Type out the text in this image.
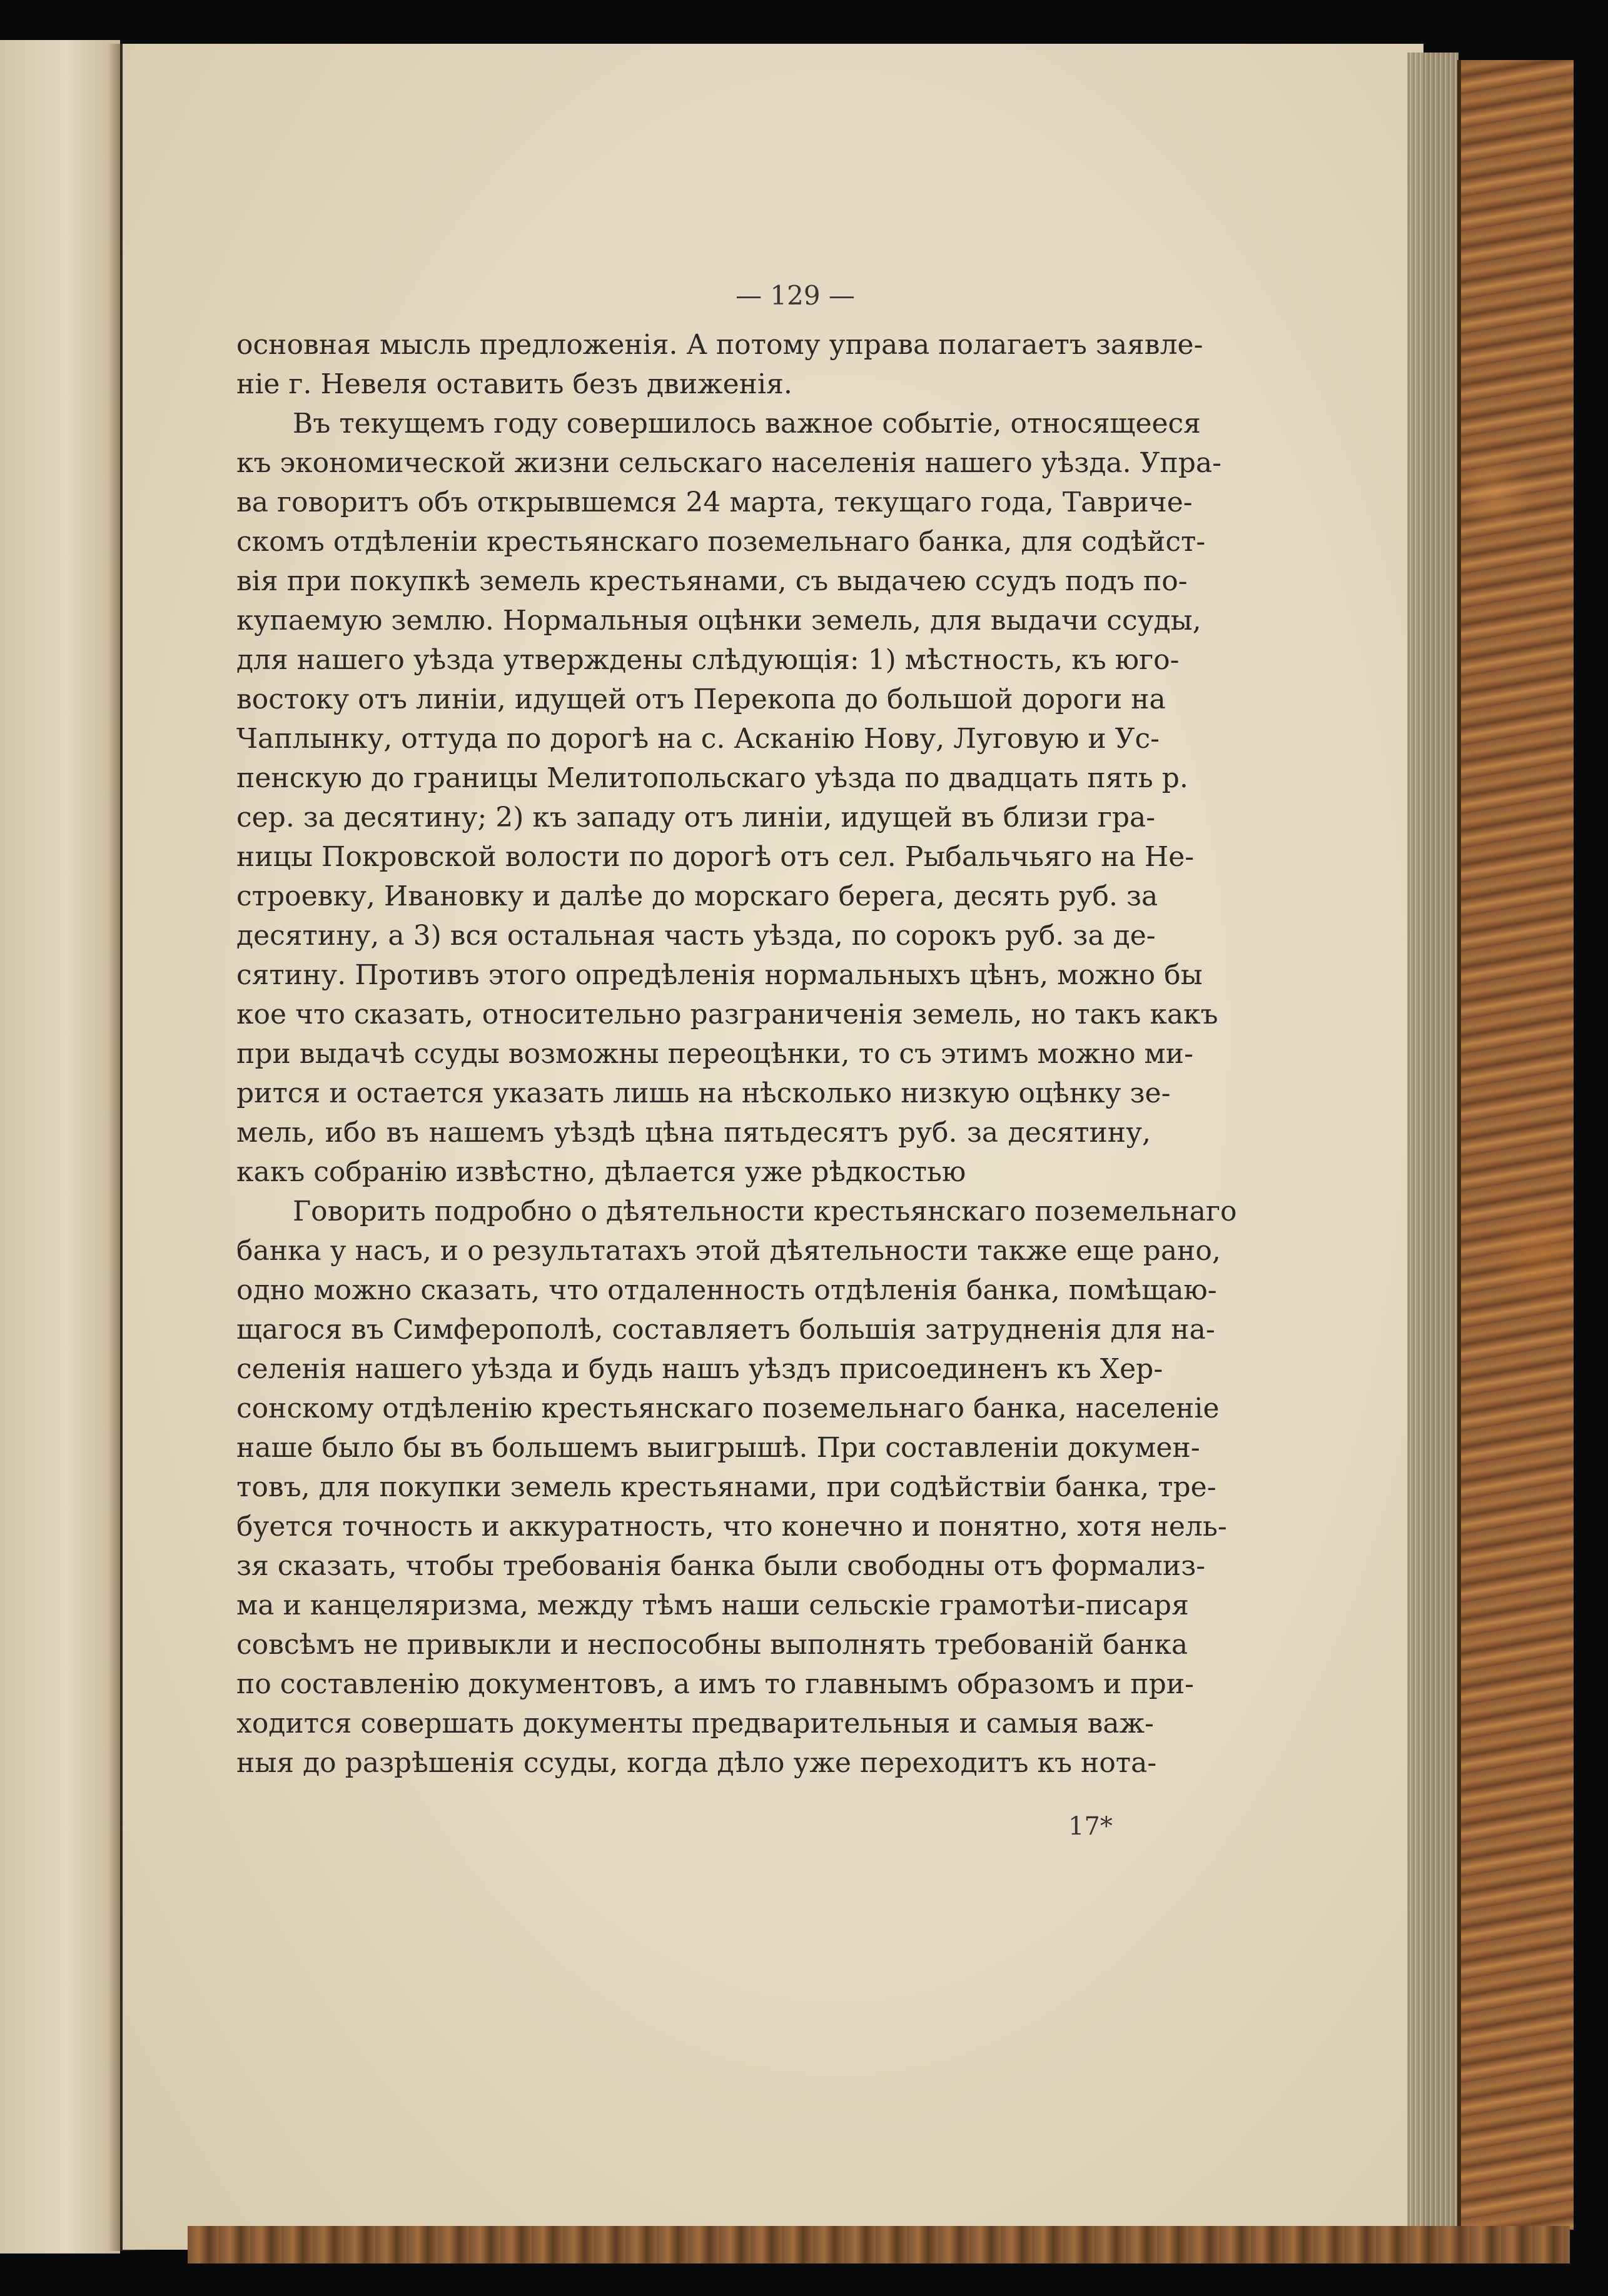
— 129 —
основная мысль предложенія. А потому управа полагаетъ заявле-
ніе г. Невеля оставить безъ движенія.
Въ текущемъ году совершилось важное событіе, относящееся
къ экономической жизни сельскаго населенія нашего уѣзда. Упра-
ва говоритъ объ открывшемся 24 марта, текущаго года, Тавриче-
скомъ отдѣленіи крестьянскаго поземельнаго банка, для содѣйст-
вія при покупкѣ земель крестьянами, съ выдачею ссудъ подъ по-
купаемую землю. Нормальныя оцѣнки земель, для выдачи ссуды,
для нашего уѣзда утверждены слѣдующія: 1) мѣстность, къ юго-
востоку отъ линіи, идущей отъ Перекопа до большой дороги на
Чаплынку, оттуда по дорогѣ на с. Асканію Нову, Луговую и Ус-
пенскую до границы Мелитопольскаго уѣзда по двадцать пять р.
сер. за десятину; 2) къ западу отъ линіи, идущей въ близи гра-
ницы Покровской волости по дорогѣ отъ сел. Рыбальчьяго на Не-
строевку, Ивановку и далѣе до морскаго берега, десять руб. за
десятину, а 3) вся остальная часть уѣзда, по сорокъ руб. за де-
сятину. Противъ этого опредѣленія нормальныхъ цѣнъ, можно бы
кое что сказать, относительно разграниченія земель, но такъ какъ
при выдачѣ ссуды возможны переоцѣнки, то съ этимъ можно ми-
рится и остается указать лишь на нѣсколько низкую оцѣнку зе-
мель, ибо въ нашемъ уѣздѣ цѣна пятьдесятъ руб. за десятину,
какъ собранію извѣстно, дѣлается уже рѣдкостью
Говорить подробно о дѣятельности крестьянскаго поземельнаго
банка у насъ, и о результатахъ этой дѣятельности также еще рано,
одно можно сказать, что отдаленность отдѣленія банка, помѣщаю-
щагося въ Симферополѣ, составляетъ большія затрудненія для на-
селенія нашего уѣзда и будь нашъ уѣздъ присоединенъ къ Хер-
сонскому отдѣленію крестьянскаго поземельнаго банка, населеніе
наше было бы въ большемъ выигрышѣ. При составленіи докумен-
товъ, для покупки земель крестьянами, при содѣйствіи банка, тре-
буется точность и аккуратность, что конечно и понятно, хотя нель-
зя сказать, чтобы требованія банка были свободны отъ формализ-
ма и канцеляризма, между тѣмъ наши сельскіе грамотѣи-писаря
совсѣмъ не привыкли и неспособны выполнять требованій банка
по составленію документовъ, а имъ то главнымъ образомъ и при-
ходится совершать документы предварительныя и самыя важ-
ныя до разрѣшенія ссуды, когда дѣло уже переходитъ къ нота-
17*
